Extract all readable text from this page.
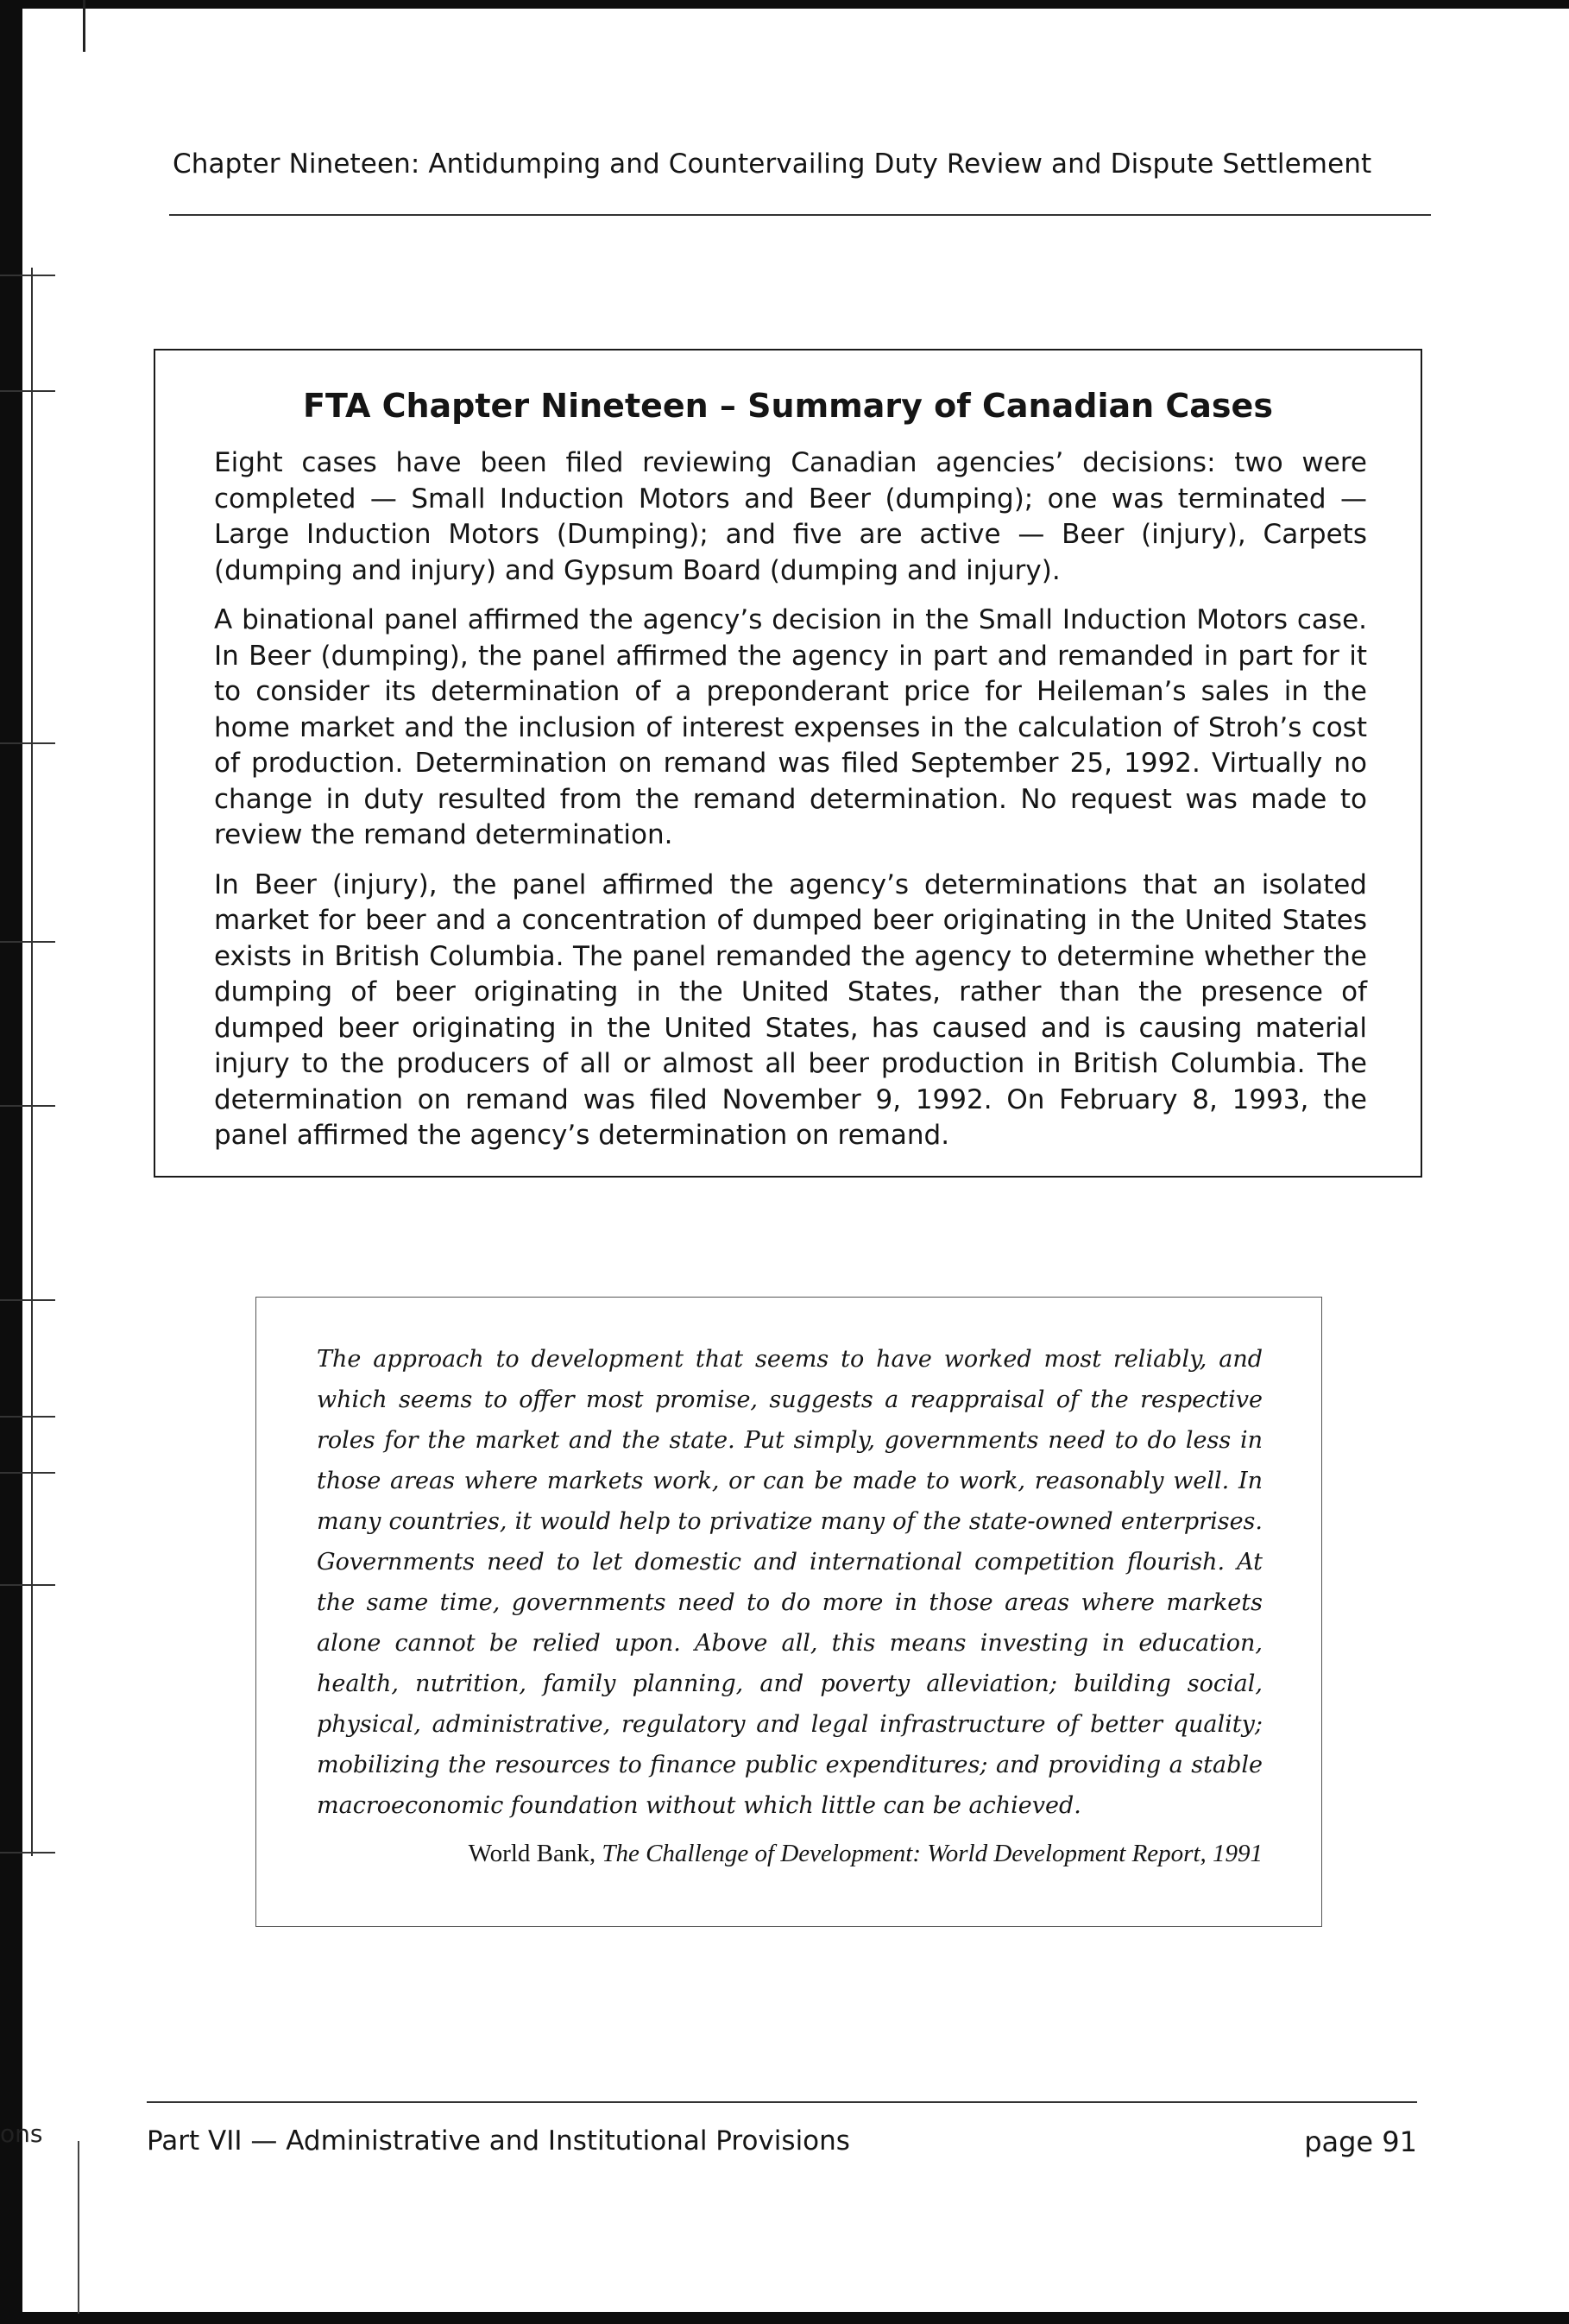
ons
Chapter Nineteen: Antidumping and Countervailing Duty Review and Dispute Settlement
FTA Chapter Nineteen – Summary of Canadian Cases

Eight cases have been filed reviewing Canadian agencies’ decisions: two were completed — Small Induction Motors and Beer (dumping); one was terminated — Large Induction Motors (Dumping); and five are active — Beer (injury), Carpets (dumping and injury) and Gypsum Board (dumping and injury).

A binational panel affirmed the agency’s decision in the Small Induction Motors case. In Beer (dumping), the panel affirmed the agency in part and remanded in part for it to consider its determination of a preponderant price for Heileman’s sales in the home market and the inclusion of interest expenses in the calculation of Stroh’s cost of production. Determination on remand was filed September 25, 1992. Virtually no change in duty resulted from the remand determination. No request was made to review the remand determination.

In Beer (injury), the panel affirmed the agency’s determinations that an isolated market for beer and a concentration of dumped beer originating in the United States exists in British Columbia. The panel remanded the agency to determine whether the dumping of beer originating in the United States, rather than the presence of dumped beer originating in the United States, has caused and is causing material injury to the producers of all or almost all beer production in British Columbia. The determination on remand was filed November 9, 1992. On February 8, 1993, the panel affirmed the agency’s determination on remand.

The approach to development that seems to have worked most reliably, and which seems to offer most promise, suggests a reappraisal of the respective roles for the market and the state. Put simply, governments need to do less in those areas where markets work, or can be made to work, reasonably well. In many countries, it would help to privatize many of the state-owned enterprises. Governments need to let domestic and international competition flourish. At the same time, governments need to do more in those areas where markets alone cannot be relied upon. Above all, this means investing in education, health, nutrition, family planning, and poverty alleviation; building social, physical, administrative, regulatory and legal infrastructure of better quality; mobilizing the resources to finance public expenditures; and providing a stable macroeconomic foundation without which little can be achieved.
World Bank, The Challenge of Development: World Development Report, 1991
Part VII — Administrative and Institutional Provisions	page 91
